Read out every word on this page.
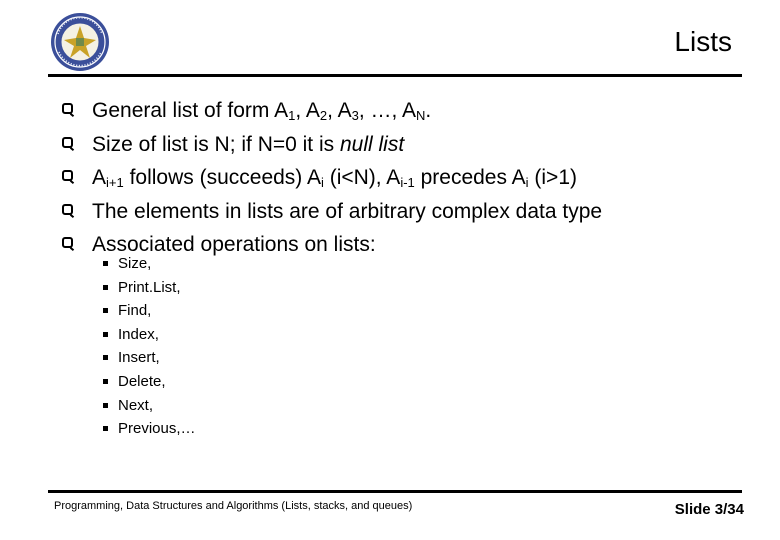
Lists
General list of form $A_1$, $A_2$, $A_3$, …, $A_N$.
Size of list is N; if N=0 it is null list
$A_{i+1}$ follows (succeeds) $A_i$ (i<N), $A_{i-1}$ precedes $A_i$ (i>1)
The elements in lists are of arbitrary complex data type
Associated operations on lists:
Size,
Print.List,
Find,
Index,
Insert,
Delete,
Next,
Previous,…
Programming, Data Structures and Algorithms (Lists, stacks, and queues)	Slide 3/34
